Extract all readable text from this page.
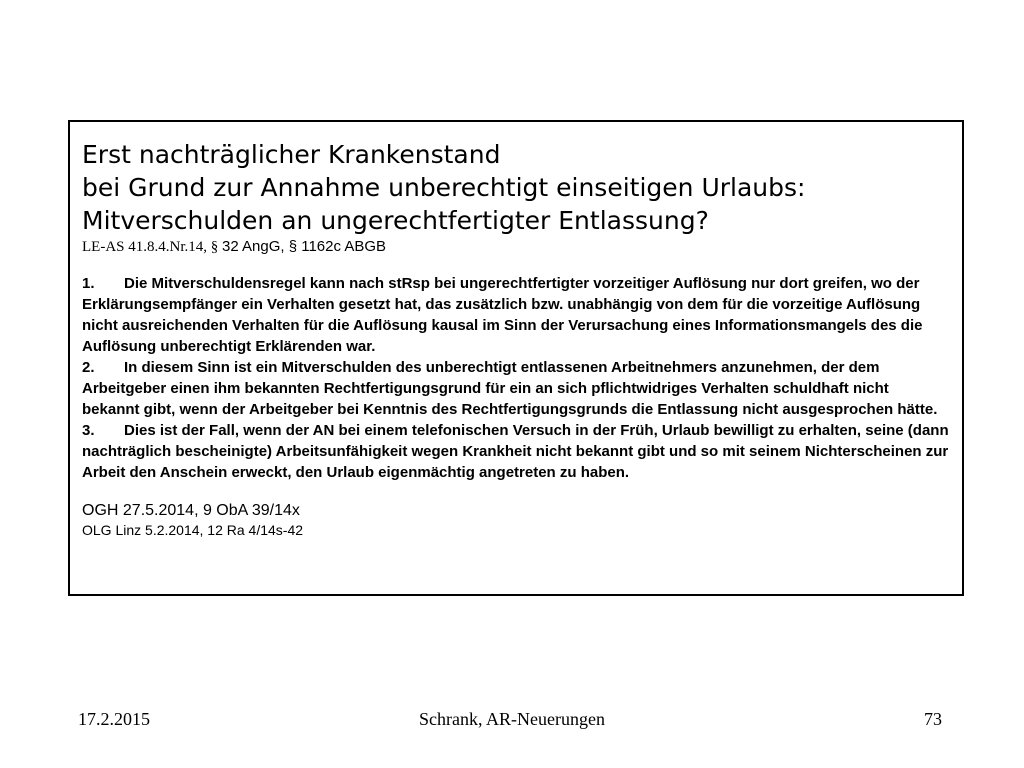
Erst nachträglicher Krankenstand
bei Grund zur Annahme unberechtigt einseitigen Urlaubs:
Mitverschulden an ungerechtfertigter Entlassung?
LE-AS 41.8.4.Nr.14, § 32 AngG, § 1162c ABGB

1. Die Mitverschuldensregel kann nach stRsp bei ungerechtfertigter vorzeitiger Auflösung nur dort greifen, wo der Erklärungsempfänger ein Verhalten gesetzt hat, das zusätzlich bzw. unabhängig von dem für die vorzeitige Auflösung nicht ausreichenden Verhalten für die Auflösung kausal im Sinn der Verursachung eines Informationsmangels des die Auflösung unberechtigt Erklärenden war.

2. In diesem Sinn ist ein Mitverschulden des unberechtigt entlassenen Arbeitnehmers anzunehmen, der dem Arbeitgeber einen ihm bekannten Rechtfertigungsgrund für ein an sich pflichtwidriges Verhalten schuldhaft nicht bekannt gibt, wenn der Arbeitgeber bei Kenntnis des Rechtfertigungsgrunds die Entlassung nicht ausgesprochen hätte.

3. Dies ist der Fall, wenn der AN bei einem telefonischen Versuch in der Früh, Urlaub bewilligt zu erhalten, seine (dann nachträglich bescheinigte) Arbeitsunfähigkeit wegen Krankheit nicht bekannt gibt und so mit seinem Nichterscheinen zur Arbeit den Anschein erweckt, den Urlaub eigenmächtig angetreten zu haben.

OGH 27.5.2014, 9 ObA 39/14x
OLG Linz 5.2.2014, 12 Ra 4/14s-42
17.2.2015	Schrank, AR-Neuerungen	73
